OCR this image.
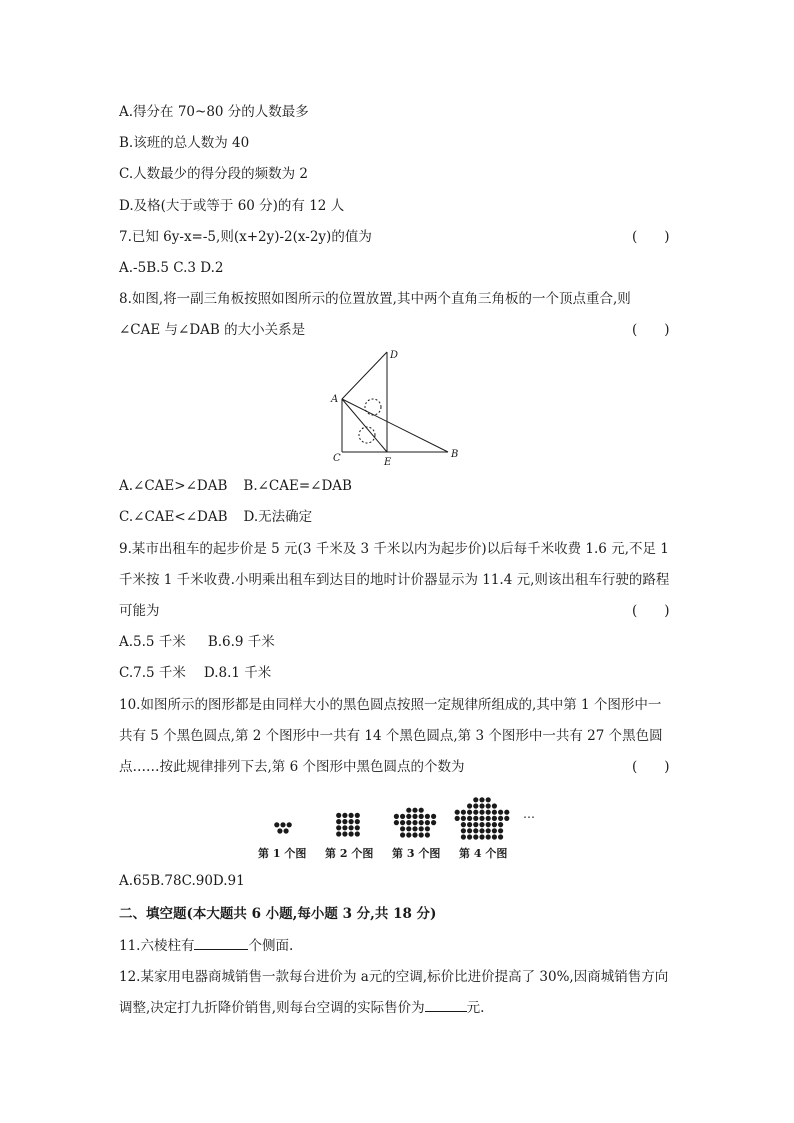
A.得分在 70~80 分的人数最多
B.该班的总人数为 40
C.人数最少的得分段的频数为 2
D.及格(大于或等于 60 分)的有 12 人
7.已知 6y-x=-5,则(x+2y)-2(x-2y)的值为	(　　)
A.-5B.5 C.3 D.2
8.如图,将一副三角板按照如图所示的位置放置,其中两个直角三角板的一个顶点重合,则
∠CAE 与∠DAB 的大小关系是	(　　)
D
A
C	E
B
A.∠CAE>∠DAB B.∠CAE=∠DAB
C.∠CAE<∠DAB D.无法确定
9.某市出租车的起步价是 5 元(3 千米及 3 千米以内为起步价)以后每千米收费 1.6 元,不足 1
千米按 1 千米收费.小明乘出租车到达目的地时计价器显示为 11.4 元,则该出租车行驶的路程
可能为	(　　)
A.5.5 千米 B.6.9 千米
C.7.5 千米 D.8.1 千米
10.如图所示的图形都是由同样大小的黑色圆点按照一定规律所组成的,其中第 1 个图形中一
共有 5 个黑色圆点,第 2 个图形中一共有 14 个黑色圆点,第 3 个图形中一共有 27 个黑色圆
点……按此规律排列下去,第 6 个图形中黑色圆点的个数为	(　　)
…
第 1 个图 第 2 个图 第 3 个图 第 4 个图
A.65B.78C.90D.91
二、填空题(本大题共 6 小题,每小题 3 分,共 18 分)
11.六棱柱有	个侧面.
12.某家用电器商城销售一款每台进价为 a元的空调,标价比进价提高了 30%,因商城销售方向
调整,决定打九折降价销售,则每台空调的实际售价为	元.
